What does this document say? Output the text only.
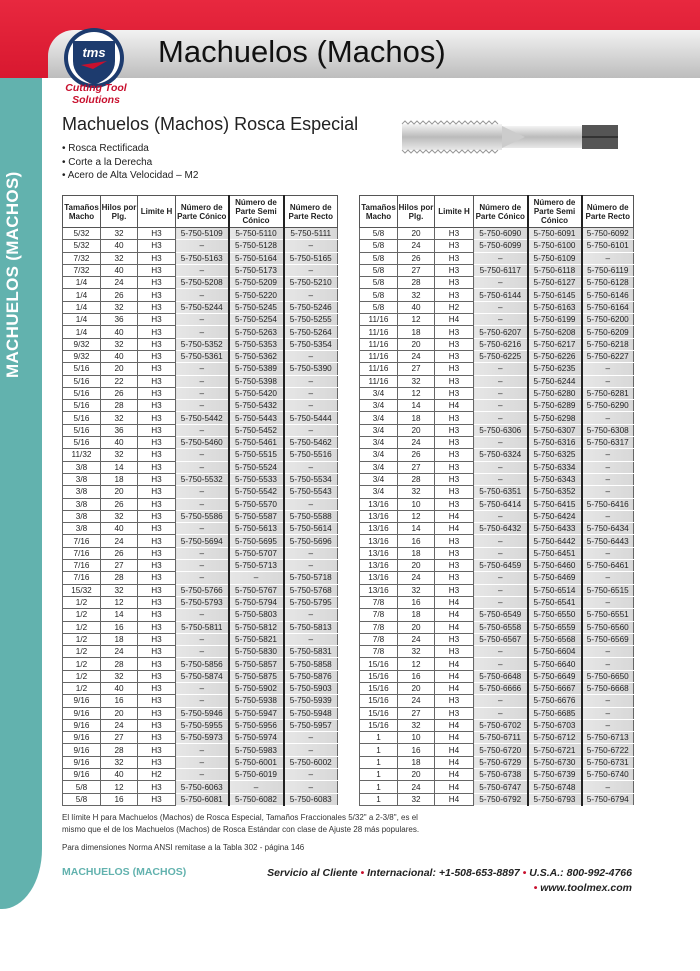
MACHUELOS (MACHOS)
150
tms
Cutting Tool
Solutions
Machuelos (Machos)
Machuelos (Machos) Rosca Especial
• Rosca Rectificada
• Corte a la Derecha
• Acero de Alta Velocidad – M2
Tamaños Macho	Hilos por Plg.	Limite H	Número de Parte Cónico	Número de Parte Semi Cónico	Número de Parte Recto
5/32	32	H3	5-750-5109	5-750-5110	5-750-5111
5/32	40	H3	–	5-750-5128	–
7/32	32	H3	5-750-5163	5-750-5164	5-750-5165
7/32	40	H3	–	5-750-5173	–
1/4	24	H3	5-750-5208	5-750-5209	5-750-5210
1/4	26	H3	–	5-750-5220	–
1/4	32	H3	5-750-5244	5-750-5245	5-750-5246
1/4	36	H3	–	5-750-5254	5-750-5255
1/4	40	H3	–	5-750-5263	5-750-5264
9/32	32	H3	5-750-5352	5-750-5353	5-750-5354
9/32	40	H3	5-750-5361	5-750-5362	–
5/16	20	H3	–	5-750-5389	5-750-5390
5/16	22	H3	–	5-750-5398	–
5/16	26	H3	–	5-750-5420	–
5/16	28	H3	–	5-750-5432	–
5/16	32	H3	5-750-5442	5-750-5443	5-750-5444
5/16	36	H3	–	5-750-5452	–
5/16	40	H3	5-750-5460	5-750-5461	5-750-5462
11/32	32	H3	–	5-750-5515	5-750-5516
3/8	14	H3	–	5-750-5524	–
3/8	18	H3	5-750-5532	5-750-5533	5-750-5534
3/8	20	H3	–	5-750-5542	5-750-5543
3/8	26	H3	–	5-750-5570	–
3/8	32	H3	5-750-5586	5-750-5587	5-750-5588
3/8	40	H3	–	5-750-5613	5-750-5614
7/16	24	H3	5-750-5694	5-750-5695	5-750-5696
7/16	26	H3	–	5-750-5707	–
7/16	27	H3	–	5-750-5713	–
7/16	28	H3	–	–	5-750-5718
15/32	32	H3	5-750-5766	5-750-5767	5-750-5768
1/2	12	H3	5-750-5793	5-750-5794	5-750-5795
1/2	14	H3	–	5-750-5803	–
1/2	16	H3	5-750-5811	5-750-5812	5-750-5813
1/2	18	H3	–	5-750-5821	–
1/2	24	H3	–	5-750-5830	5-750-5831
1/2	28	H3	5-750-5856	5-750-5857	5-750-5858
1/2	32	H3	5-750-5874	5-750-5875	5-750-5876
1/2	40	H3	–	5-750-5902	5-750-5903
9/16	16	H3	–	5-750-5938	5-750-5939
9/16	20	H3	5-750-5946	5-750-5947	5-750-5948
9/16	24	H3	5-750-5955	5-750-5956	5-750-5957
9/16	27	H3	5-750-5973	5-750-5974	–
9/16	28	H3	–	5-750-5983	–
9/16	32	H3	–	5-750-6001	5-750-6002
9/16	40	H2	–	5-750-6019	–
5/8	12	H3	5-750-6063	–	–
5/8	16	H3	5-750-6081	5-750-6082	5-750-6083
Tamaños Macho	Hilos por Plg.	Limite H	Número de Parte Cónico	Número de Parte Semi Cónico	Número de Parte Recto
5/8	20	H3	5-750-6090	5-750-6091	5-750-6092
5/8	24	H3	5-750-6099	5-750-6100	5-750-6101
5/8	26	H3	–	5-750-6109	–
5/8	27	H3	5-750-6117	5-750-6118	5-750-6119
5/8	28	H3	–	5-750-6127	5-750-6128
5/8	32	H3	5-750-6144	5-750-6145	5-750-6146
5/8	40	H2	–	5-750-6163	5-750-6164
11/16	12	H4	–	5-750-6199	5-750-6200
11/16	18	H3	5-750-6207	5-750-6208	5-750-6209
11/16	20	H3	5-750-6216	5-750-6217	5-750-6218
11/16	24	H3	5-750-6225	5-750-6226	5-750-6227
11/16	27	H3	–	5-750-6235	–
11/16	32	H3	–	5-750-6244	–
3/4	12	H3	–	5-750-6280	5-750-6281
3/4	14	H4	–	5-750-6289	5-750-6290
3/4	18	H3	–	5-750-6298	–
3/4	20	H3	5-750-6306	5-750-6307	5-750-6308
3/4	24	H3	–	5-750-6316	5-750-6317
3/4	26	H3	5-750-6324	5-750-6325	–
3/4	27	H3	–	5-750-6334	–
3/4	28	H3	–	5-750-6343	–
3/4	32	H3	5-750-6351	5-750-6352	–
13/16	10	H3	5-750-6414	5-750-6415	5-750-6416
13/16	12	H4	–	5-750-6424	–
13/16	14	H4	5-750-6432	5-750-6433	5-750-6434
13/16	16	H3	–	5-750-6442	5-750-6443
13/16	18	H3	–	5-750-6451	–
13/16	20	H3	5-750-6459	5-750-6460	5-750-6461
13/16	24	H3	–	5-750-6469	–
13/16	32	H3	–	5-750-6514	5-750-6515
7/8	16	H4	–	5-750-6541	–
7/8	18	H4	5-750-6549	5-750-6550	5-750-6551
7/8	20	H4	5-750-6558	5-750-6559	5-750-6560
7/8	24	H3	5-750-6567	5-750-6568	5-750-6569
7/8	32	H3	–	5-750-6604	–
15/16	12	H4	–	5-750-6640	–
15/16	16	H4	5-750-6648	5-750-6649	5-750-6650
15/16	20	H4	5-750-6666	5-750-6667	5-750-6668
15/16	24	H3	–	5-750-6676	–
15/16	27	H3	–	5-750-6685	–
15/16	32	H4	5-750-6702	5-750-6703	–
1	10	H4	5-750-6711	5-750-6712	5-750-6713
1	16	H4	5-750-6720	5-750-6721	5-750-6722
1	18	H4	5-750-6729	5-750-6730	5-750-6731
1	20	H4	5-750-6738	5-750-6739	5-750-6740
1	24	H4	5-750-6747	5-750-6748	–
1	32	H4	5-750-6792	5-750-6793	5-750-6794
El límite H para Machuelos (Machos) de Rosca Especial, Tamaños Fraccionales 5/32" a 2-3/8", es el
mismo que el de los Machuelos (Machos) de Rosca Estándar con clase de Ajuste 28 más populares.
Para dimensiones Norma ANSI remitase a la Tabla 302 - página 146
MACHUELOS (MACHOS)	Servicio al Cliente • Internacional: +1-508-653-8897 • U.S.A.: 800-992-4766
• www.toolmex.com
